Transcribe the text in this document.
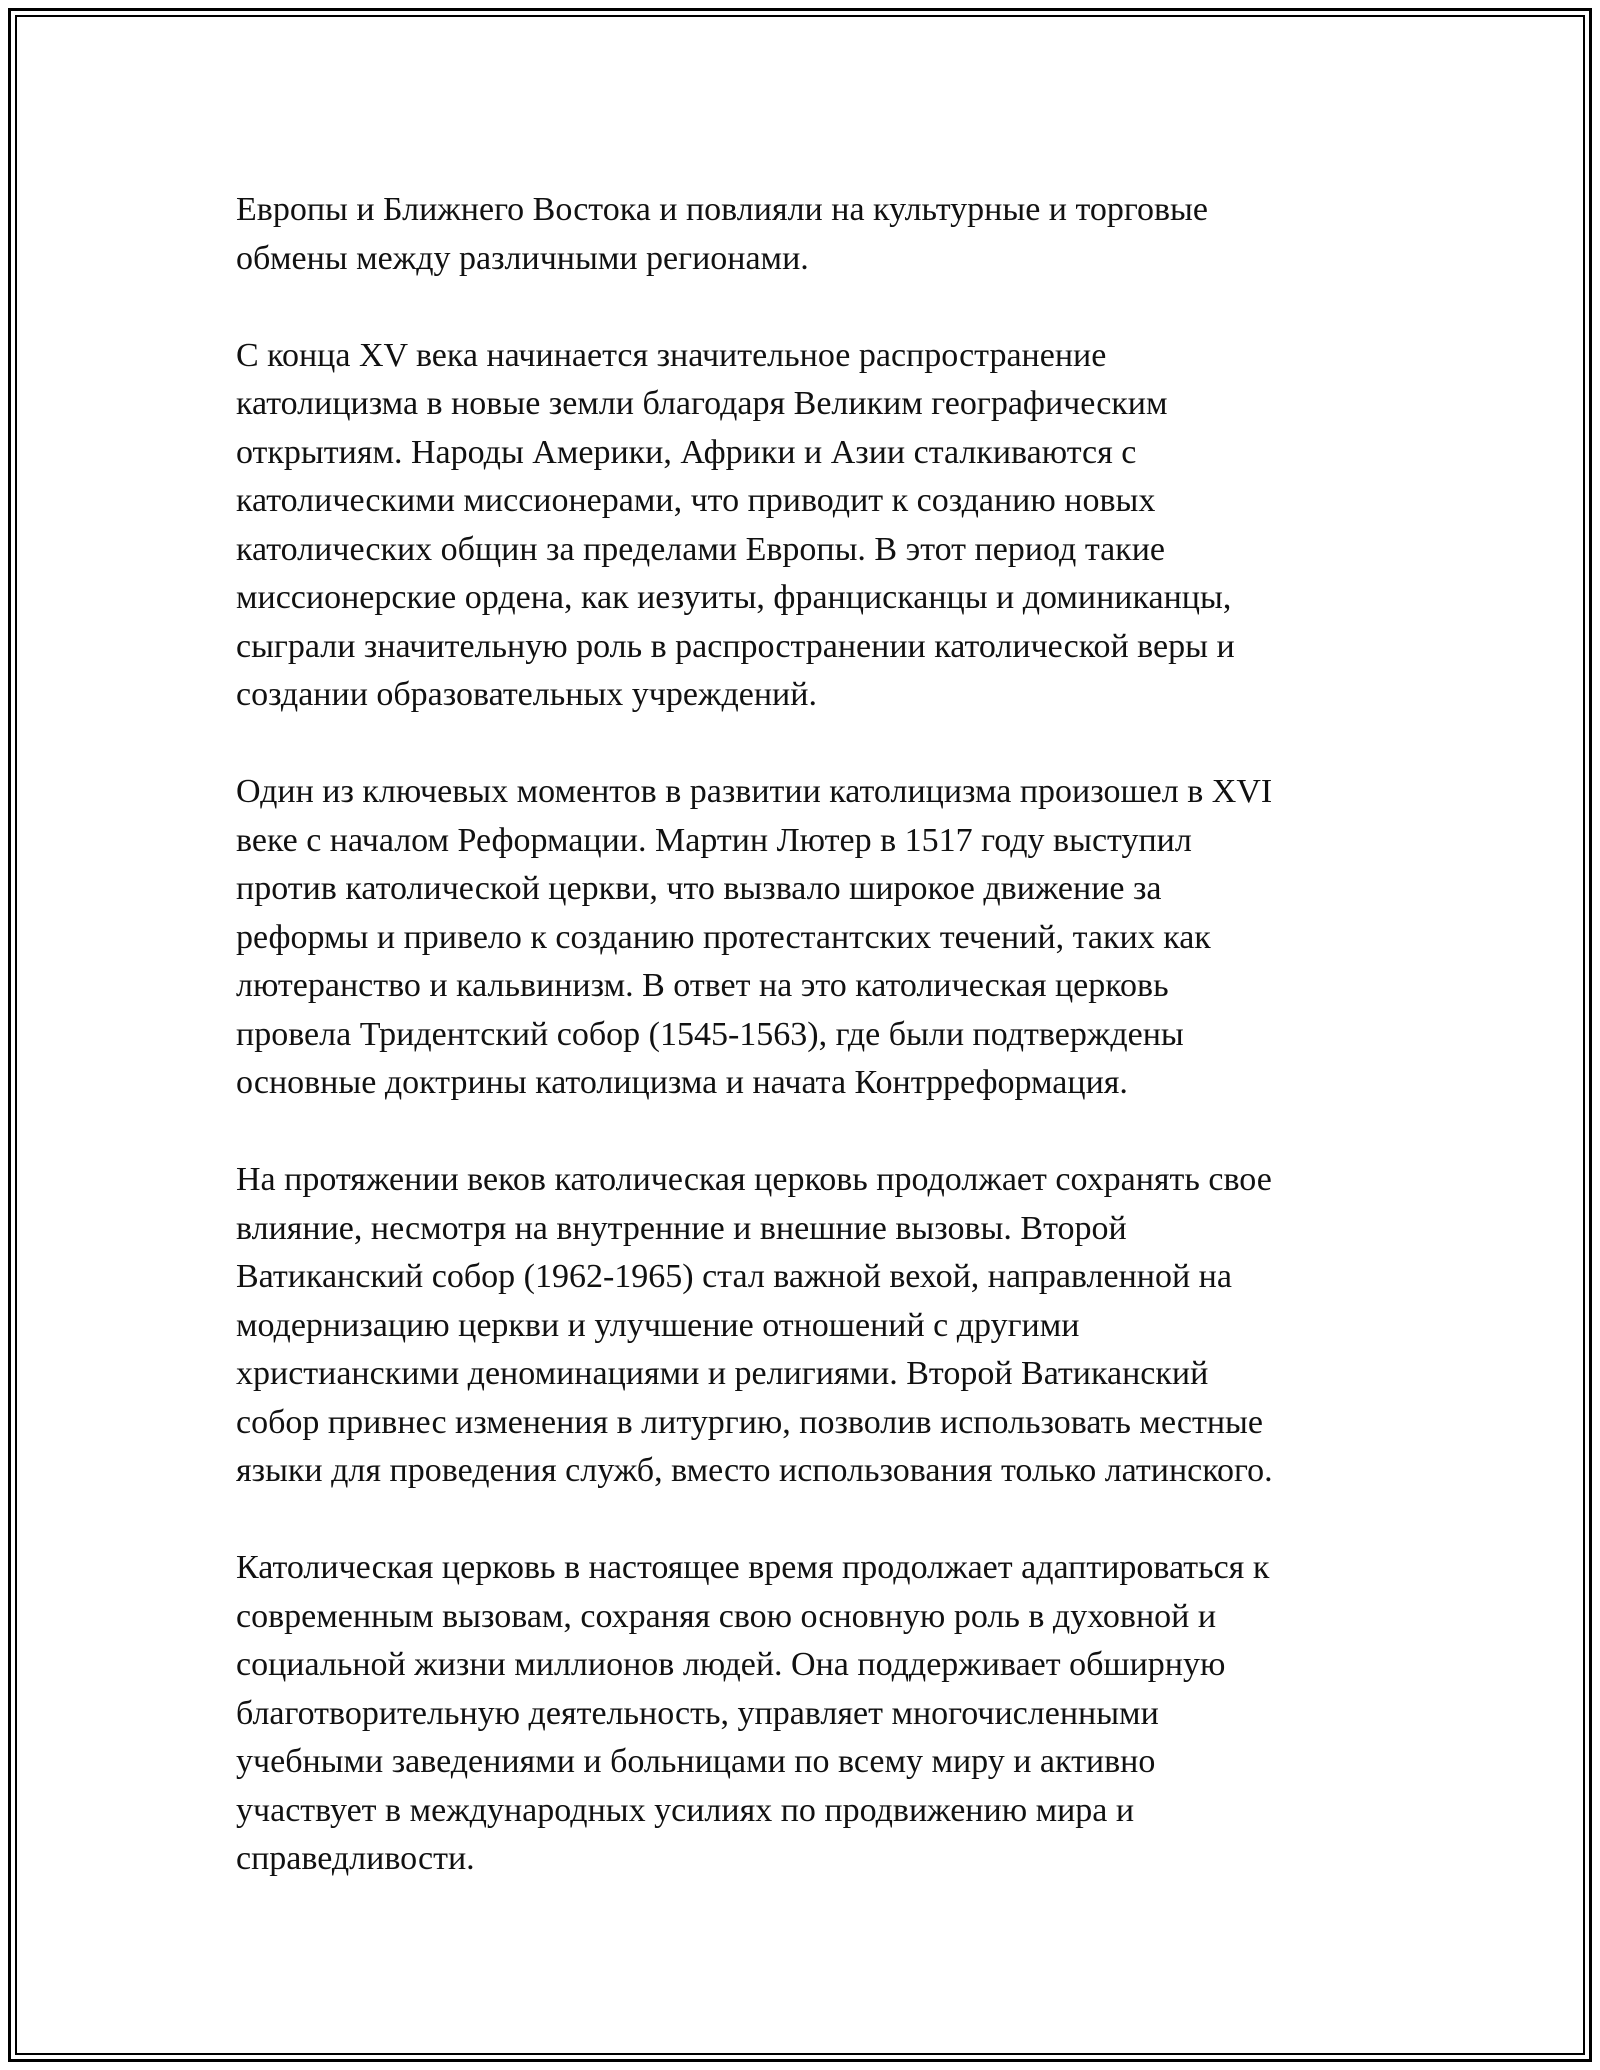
Европы и Ближнего Востока и повлияли на культурные и торговые
обмены между различными регионами.
С конца XV века начинается значительное распространение
католицизма в новые земли благодаря Великим географическим
открытиям. Народы Америки, Африки и Азии сталкиваются с
католическими миссионерами, что приводит к созданию новых
католических общин за пределами Европы. В этот период такие
миссионерские ордена, как иезуиты, францисканцы и доминиканцы,
сыграли значительную роль в распространении католической веры и
создании образовательных учреждений.
Один из ключевых моментов в развитии католицизма произошел в XVI
веке с началом Реформации. Мартин Лютер в 1517 году выступил
против католической церкви, что вызвало широкое движение за
реформы и привело к созданию протестантских течений, таких как
лютеранство и кальвинизм. В ответ на это католическая церковь
провела Тридентский собор (1545-1563), где были подтверждены
основные доктрины католицизма и начата Контрреформация.
На протяжении веков католическая церковь продолжает сохранять свое
влияние, несмотря на внутренние и внешние вызовы. Второй
Ватиканский собор (1962-1965) стал важной вехой, направленной на
модернизацию церкви и улучшение отношений с другими
христианскими деноминациями и религиями. Второй Ватиканский
собор привнес изменения в литургию, позволив использовать местные
языки для проведения служб, вместо использования только латинского.
Католическая церковь в настоящее время продолжает адаптироваться к
современным вызовам, сохраняя свою основную роль в духовной и
социальной жизни миллионов людей. Она поддерживает обширную
благотворительную деятельность, управляет многочисленными
учебными заведениями и больницами по всему миру и активно
участвует в международных усилиях по продвижению мира и
справедливости.
